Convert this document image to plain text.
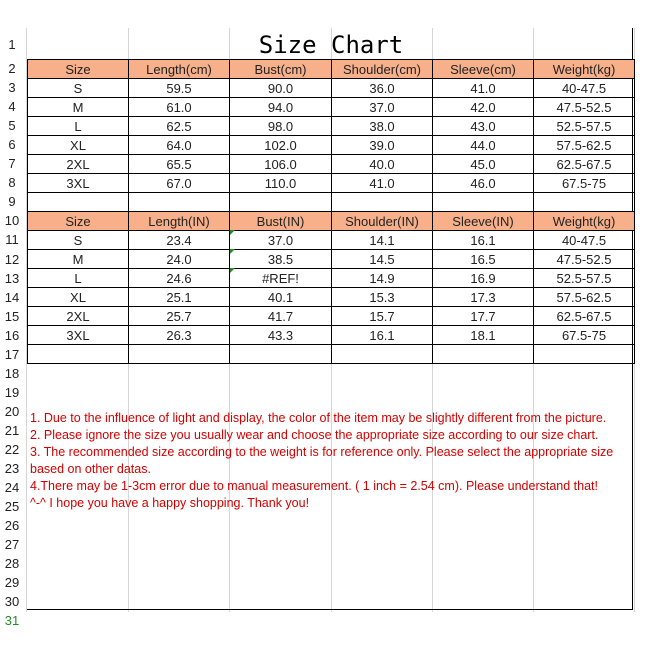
1
2
3
4
5
6
7
8
9
10
11
12
13
14
15
16
17
18
19
20
21
22
23
24
25
26
27
28
29
30
Size Chart
Size	Length(cm)	Bust(cm)	Shoulder(cm)	Sleeve(cm)	Weight(kg)
S	59.5	90.0	36.0	41.0	40-47.5
M	61.0	94.0	37.0	42.0	47.5-52.5
L	62.5	98.0	38.0	43.0	52.5-57.5
XL	64.0	102.0	39.0	44.0	57.5-62.5
2XL	65.5	106.0	40.0	45.0	62.5-67.5
3XL	67.0	110.0	41.0	46.0	67.5-75

Size	Length(IN)	Bust(IN)	Shoulder(IN)	Sleeve(IN)	Weight(kg)
S	23.4	37.0	14.1	16.1	40-47.5
M	24.0	38.5	14.5	16.5	47.5-52.5
L	24.6	#REF!	14.9	16.9	52.5-57.5
XL	25.1	40.1	15.3	17.3	57.5-62.5
2XL	25.7	41.7	15.7	17.7	62.5-67.5
3XL	26.3	43.3	16.1	18.1	67.5-75

1. Due to the influence of light and display, the color of the item may be slightly different from the picture.

2. Please ignore the size you usually wear and choose the appropriate size according to our size chart.

3. The recommended size according to the weight is for reference only. Please select the appropriate size based on other datas.

4.There may be 1-3cm error due to manual measurement. ( 1 inch = 2.54 cm). Please understand that!

^-^ I hope you have a happy shopping. Thank you!

31
